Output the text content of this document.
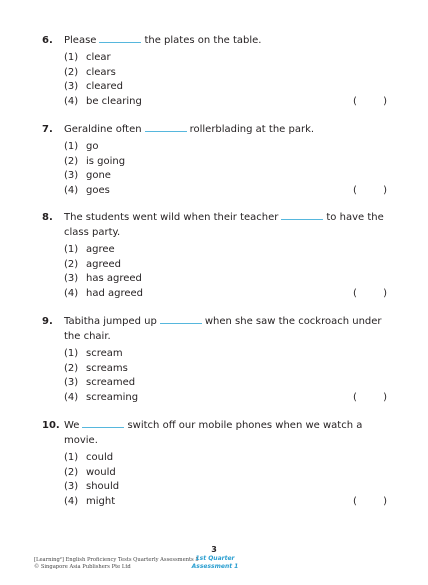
6. Please	the plates on the table.
(1) clear
(2) clears
(3) cleared
(4) be clearing	(	)
7. Geraldine often	rollerblading at the park.
(1) go
(2) is going
(3) gone
(4) goes	(	)
8. The students went wild when their teacher	to have the class party.
(1) agree
(2) agreed
(3) has agreed
(4) had agreed	(	)
9. Tabitha jumped up	when she saw the cockroach under the chair.
(1) scream
(2) screams
(3) screamed
(4) screaming	(	)
10. We	switch off our mobile phones when we watch a movie.
(1) could
(2) would
(3) should
(4) might	(	)
[Learning²] English Proficiency Tests Quarterly Assessments 5
© Singapore Asia Publishers Pte Ltd
3
1st Quarter
Assessment 1
